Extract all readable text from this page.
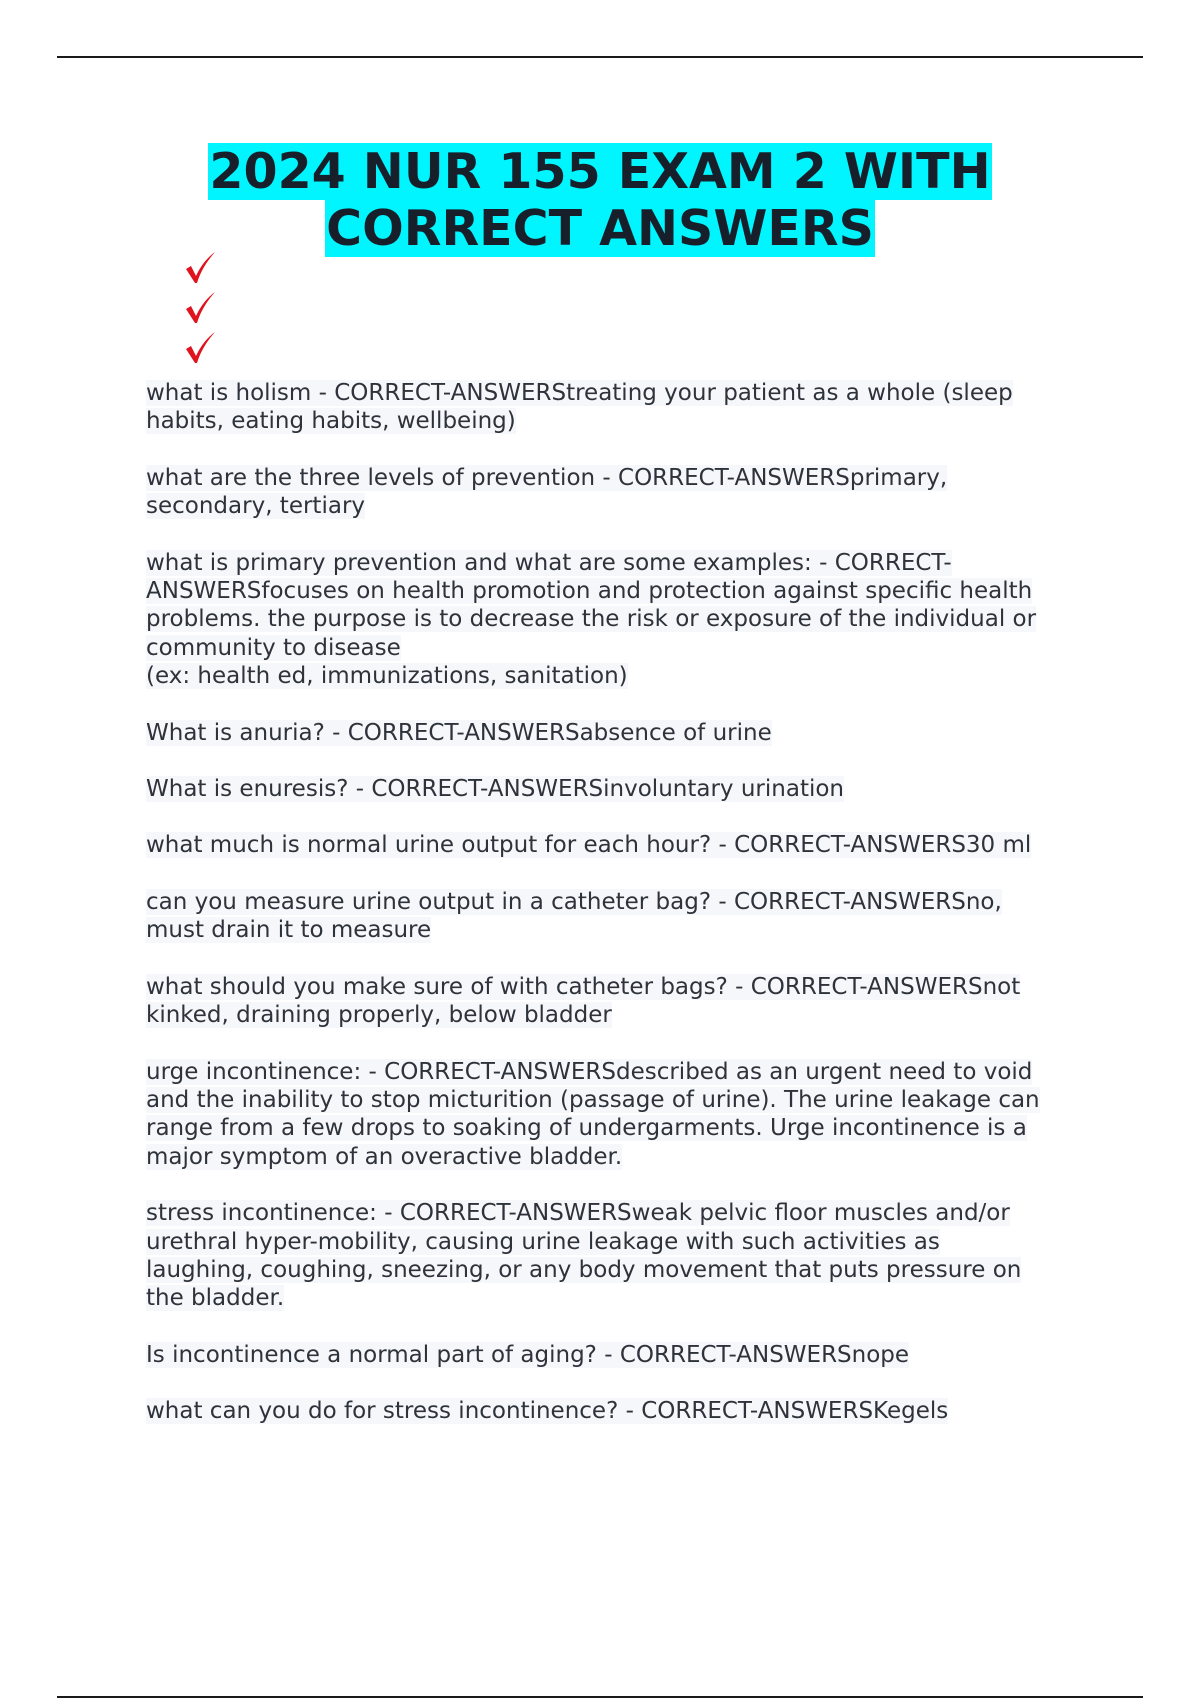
2024 NUR 155 EXAM 2 WITH
CORRECT ANSWERS
what is holism - CORRECT-ANSWERStreating your patient as a whole (sleep
habits, eating habits, wellbeing)
what are the three levels of prevention - CORRECT-ANSWERSprimary,
secondary, tertiary
what is primary prevention and what are some examples: - CORRECT-
ANSWERSfocuses on health promotion and protection against specific health
problems. the purpose is to decrease the risk or exposure of the individual or
community to disease
(ex: health ed, immunizations, sanitation)
What is anuria? - CORRECT-ANSWERSabsence of urine
What is enuresis? - CORRECT-ANSWERSinvoluntary urination
what much is normal urine output for each hour? - CORRECT-ANSWERS30 ml
can you measure urine output in a catheter bag? - CORRECT-ANSWERSno,
must drain it to measure
what should you make sure of with catheter bags? - CORRECT-ANSWERSnot
kinked, draining properly, below bladder
urge incontinence: - CORRECT-ANSWERSdescribed as an urgent need to void
and the inability to stop micturition (passage of urine). The urine leakage can
range from a few drops to soaking of undergarments. Urge incontinence is a
major symptom of an overactive bladder.
stress incontinence: - CORRECT-ANSWERSweak pelvic floor muscles and/or
urethral hyper-mobility, causing urine leakage with such activities as
laughing, coughing, sneezing, or any body movement that puts pressure on
the bladder.
Is incontinence a normal part of aging? - CORRECT-ANSWERSnope
what can you do for stress incontinence? - CORRECT-ANSWERSKegels
